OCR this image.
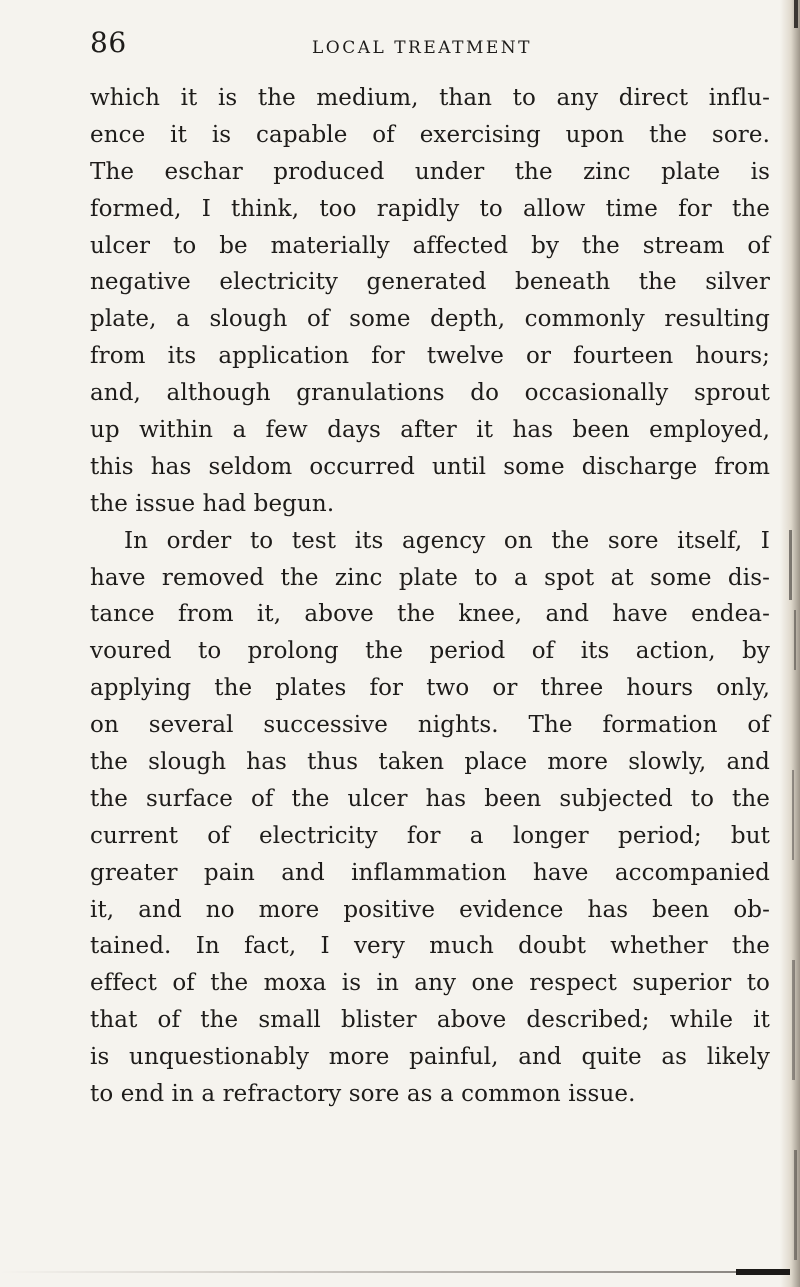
86	LOCAL TREATMENT
which it is the medium, than to any direct influ-
ence it is capable of exercising upon the sore.
The eschar produced under the zinc plate is
formed, I think, too rapidly to allow time for the
ulcer to be materially affected by the stream of
negative electricity generated beneath the silver
plate, a slough of some depth, commonly resulting
from its application for twelve or fourteen hours;
and, although granulations do occasionally sprout
up within a few days after it has been employed,
this has seldom occurred until some discharge from
the issue had begun.
In order to test its agency on the sore itself, I
have removed the zinc plate to a spot at some dis-
tance from it, above the knee, and have endea-
voured to prolong the period of its action, by
applying the plates for two or three hours only,
on several successive nights. The formation of
the slough has thus taken place more slowly, and
the surface of the ulcer has been subjected to the
current of electricity for a longer period; but
greater pain and inflammation have accompanied
it, and no more positive evidence has been ob-
tained. In fact, I very much doubt whether the
effect of the moxa is in any one respect superior to
that of the small blister above described; while it
is unquestionably more painful, and quite as likely
to end in a refractory sore as a common issue.
